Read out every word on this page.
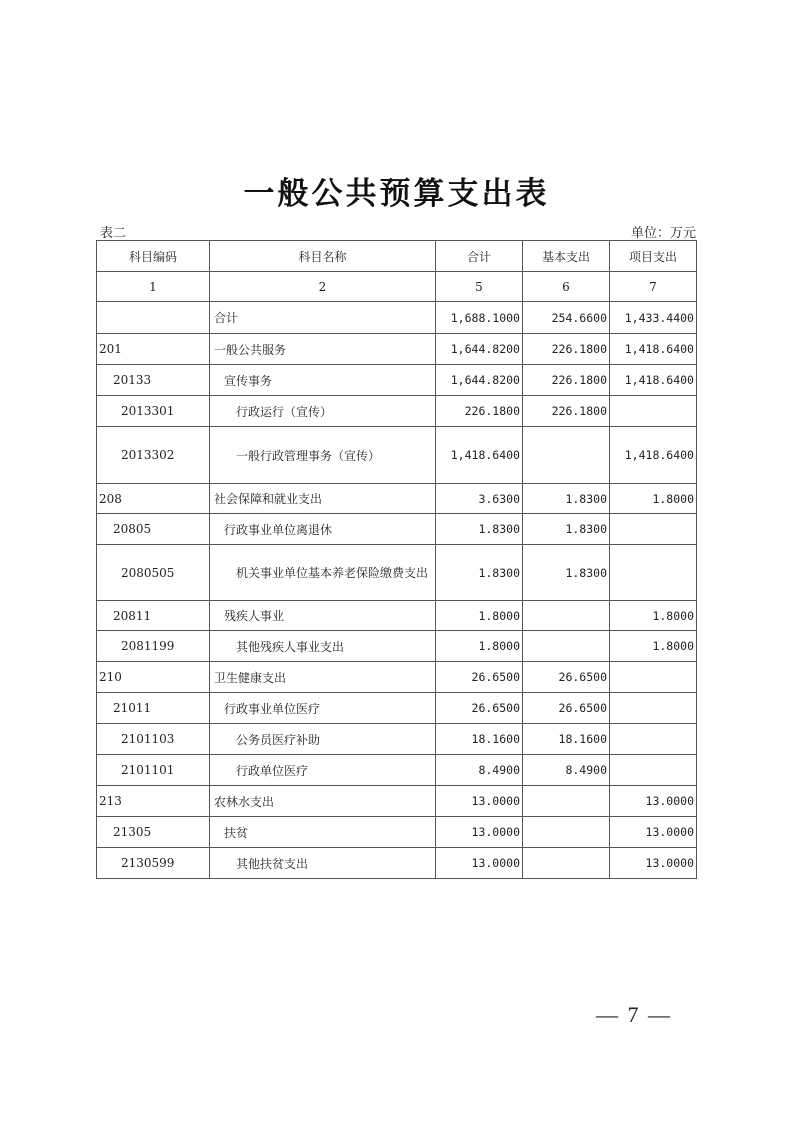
一般公共预算支出表
表二	单位：万元
科目编码	科目名称	合计	基本支出	项目支出
1	2	5	6	7
	合计	1,688.1000	254.6600	1,433.4400
201	一般公共服务	1,644.8200	226.1800	1,418.6400
20133	宣传事务	1,644.8200	226.1800	1,418.6400
2013301	行政运行（宣传）	226.1800	226.1800	
2013302	一般行政管理事务（宣传）	1,418.6400		1,418.6400
208	社会保障和就业支出	3.6300	1.8300	1.8000
20805	行政事业单位离退休	1.8300	1.8300	
2080505	机关事业单位基本养老保险缴费支出	1.8300	1.8300	
20811	残疾人事业	1.8000		1.8000
2081199	其他残疾人事业支出	1.8000		1.8000
210	卫生健康支出	26.6500	26.6500	
21011	行政事业单位医疗	26.6500	26.6500	
2101103	公务员医疗补助	18.1600	18.1600	
2101101	行政单位医疗	8.4900	8.4900	
213	农林水支出	13.0000		13.0000
21305	扶贫	13.0000		13.0000
2130599	其他扶贫支出	13.0000		13.0000
— 7 —
